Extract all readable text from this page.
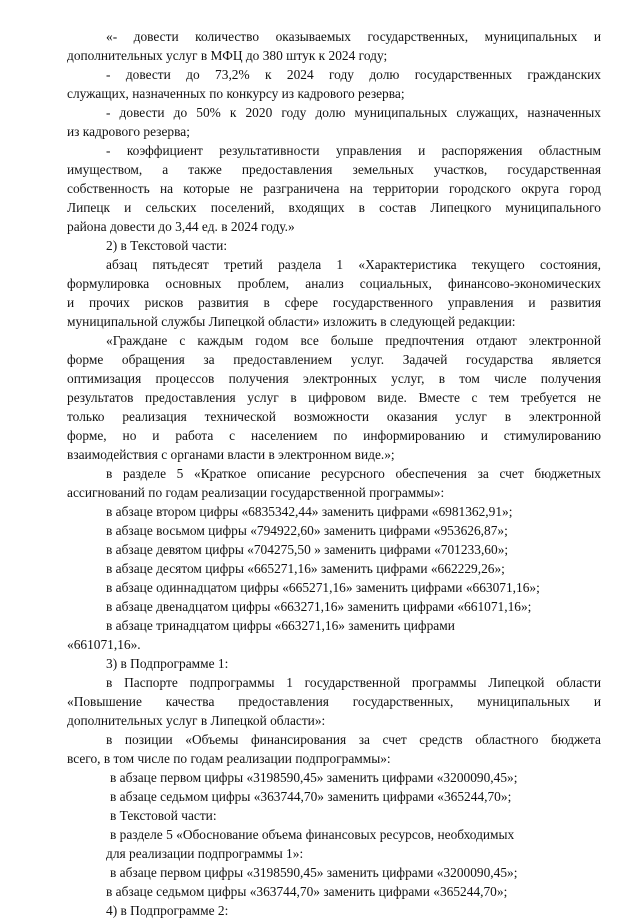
«- довести количество оказываемых государственных, муниципальных и
дополнительных услуг в МФЦ до 380 штук к 2024 году;
- довести до 73,2% к 2024 году долю государственных гражданских
служащих, назначенных по конкурсу из кадрового резерва;
- довести до 50% к 2020 году долю муниципальных служащих, назначенных
из кадрового резерва;
- коэффициент результативности управления и распоряжения областным
имуществом, а также предоставления земельных участков, государственная
собственность на которые не разграничена на территории городского округа город
Липецк и сельских поселений, входящих в состав Липецкого муниципального
района довести до 3,44 ед. в 2024 году.»
2) в Текстовой части:
абзац пятьдесят третий раздела 1 «Характеристика текущего состояния,
формулировка основных проблем, анализ социальных, финансово-экономических
и прочих рисков развития в сфере государственного управления и развития
муниципальной службы Липецкой области» изложить в следующей редакции:
«Граждане с каждым годом все больше предпочтения отдают электронной
форме обращения за предоставлением услуг. Задачей государства является
оптимизация процессов получения электронных услуг, в том числе получения
результатов предоставления услуг в цифровом виде. Вместе с тем требуется не
только реализация технической возможности оказания услуг в электронной
форме, но и работа с населением по информированию и стимулированию
взаимодействия с органами власти в электронном виде.»;
в разделе 5 «Краткое описание ресурсного обеспечения за счет бюджетных
ассигнований по годам реализации государственной программы»:
в абзаце втором цифры «6835342,44» заменить цифрами «6981362,91»;
в абзаце восьмом цифры «794922,60» заменить цифрами «953626,87»;
в абзаце девятом цифры «704275,50 » заменить цифрами «701233,60»;
в абзаце десятом цифры «665271,16» заменить цифрами «662229,26»;
в абзаце одиннадцатом цифры «665271,16» заменить цифрами «663071,16»;
в абзаце двенадцатом цифры «663271,16» заменить цифрами «661071,16»;
в абзаце тринадцатом цифры «663271,16» заменить цифрами
«661071,16».
3) в Подпрограмме 1:
в Паспорте подпрограммы 1 государственной программы Липецкой области
«Повышение качества предоставления государственных, муниципальных и
дополнительных услуг в Липецкой области»:
в позиции «Объемы финансирования за счет средств областного бюджета
всего, в том числе по годам реализации подпрограммы»:
в абзаце первом цифры «3198590,45» заменить цифрами «3200090,45»;
в абзаце седьмом цифры «363744,70» заменить цифрами «365244,70»;
в Текстовой части:
в разделе 5 «Обоснование объема финансовых ресурсов, необходимых
для реализации подпрограммы 1»:
в абзаце первом цифры «3198590,45» заменить цифрами «3200090,45»;
в абзаце седьмом цифры «363744,70» заменить цифрами «365244,70»;
4) в Подпрограмме 2:
